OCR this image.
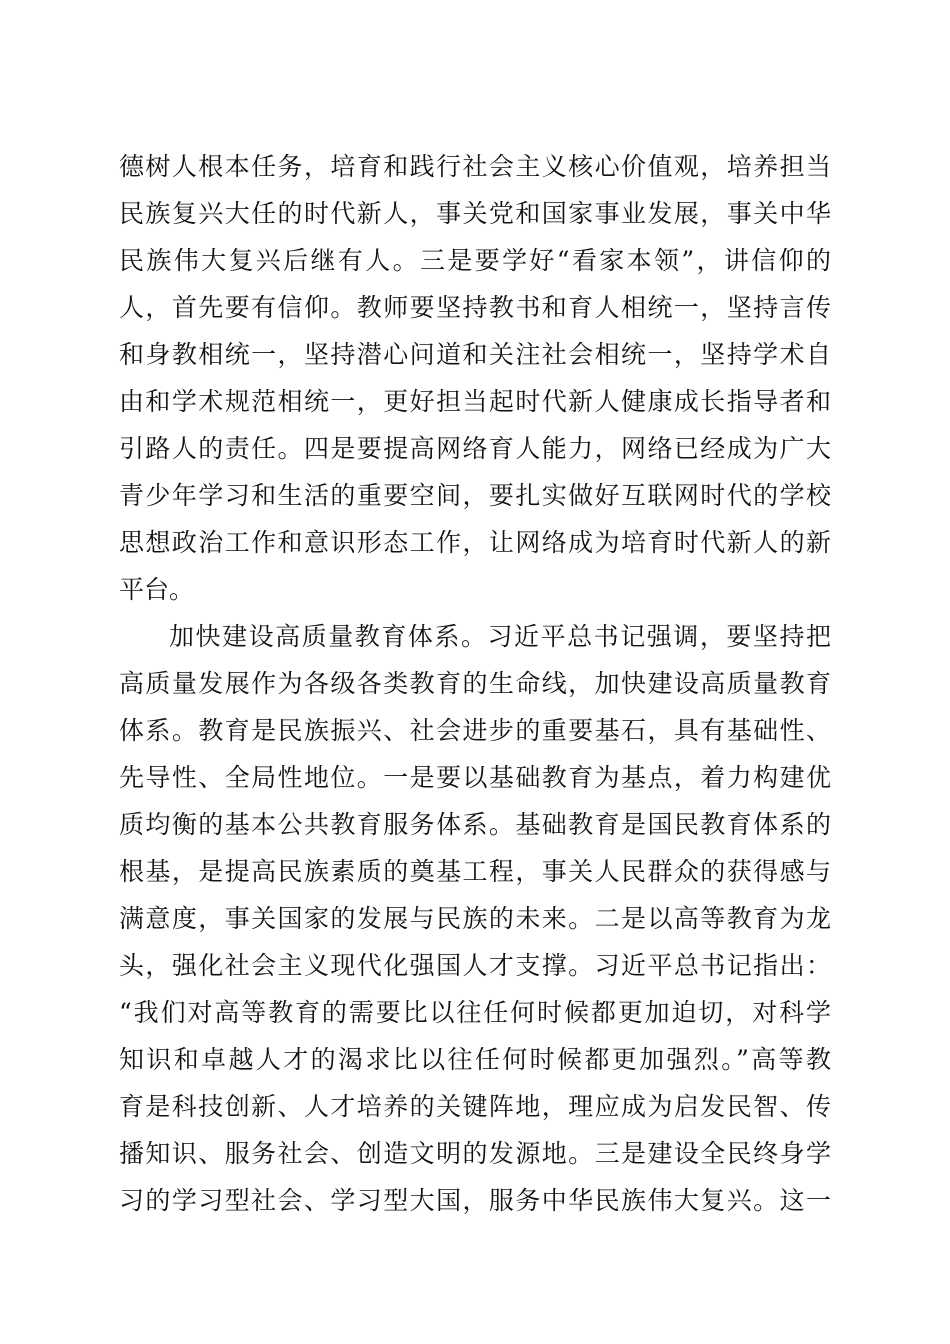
德树人根本任务，培育和践行社会主义核心价值观，培养担当
民族复兴大任的时代新人，事关党和国家事业发展，事关中华
民族伟大复兴后继有人。三是要学好“看家本领”，讲信仰的
人，首先要有信仰。教师要坚持教书和育人相统一，坚持言传
和身教相统一，坚持潜心问道和关注社会相统一，坚持学术自
由和学术规范相统一，更好担当起时代新人健康成长指导者和
引路人的责任。四是要提高网络育人能力，网络已经成为广大
青少年学习和生活的重要空间，要扎实做好互联网时代的学校
思想政治工作和意识形态工作，让网络成为培育时代新人的新
平台。
加快建设高质量教育体系。习近平总书记强调，要坚持把
高质量发展作为各级各类教育的生命线，加快建设高质量教育
体系。教育是民族振兴、社会进步的重要基石，具有基础性、
先导性、全局性地位。一是要以基础教育为基点，着力构建优
质均衡的基本公共教育服务体系。基础教育是国民教育体系的
根基，是提高民族素质的奠基工程，事关人民群众的获得感与
满意度，事关国家的发展与民族的未来。二是以高等教育为龙
头，强化社会主义现代化强国人才支撑。习近平总书记指出：
“我们对高等教育的需要比以往任何时候都更加迫切，对科学
知识和卓越人才的渴求比以往任何时候都更加强烈。”高等教
育是科技创新、人才培养的关键阵地，理应成为启发民智、传
播知识、服务社会、创造文明的发源地。三是建设全民终身学
习的学习型社会、学习型大国，服务中华民族伟大复兴。这一
